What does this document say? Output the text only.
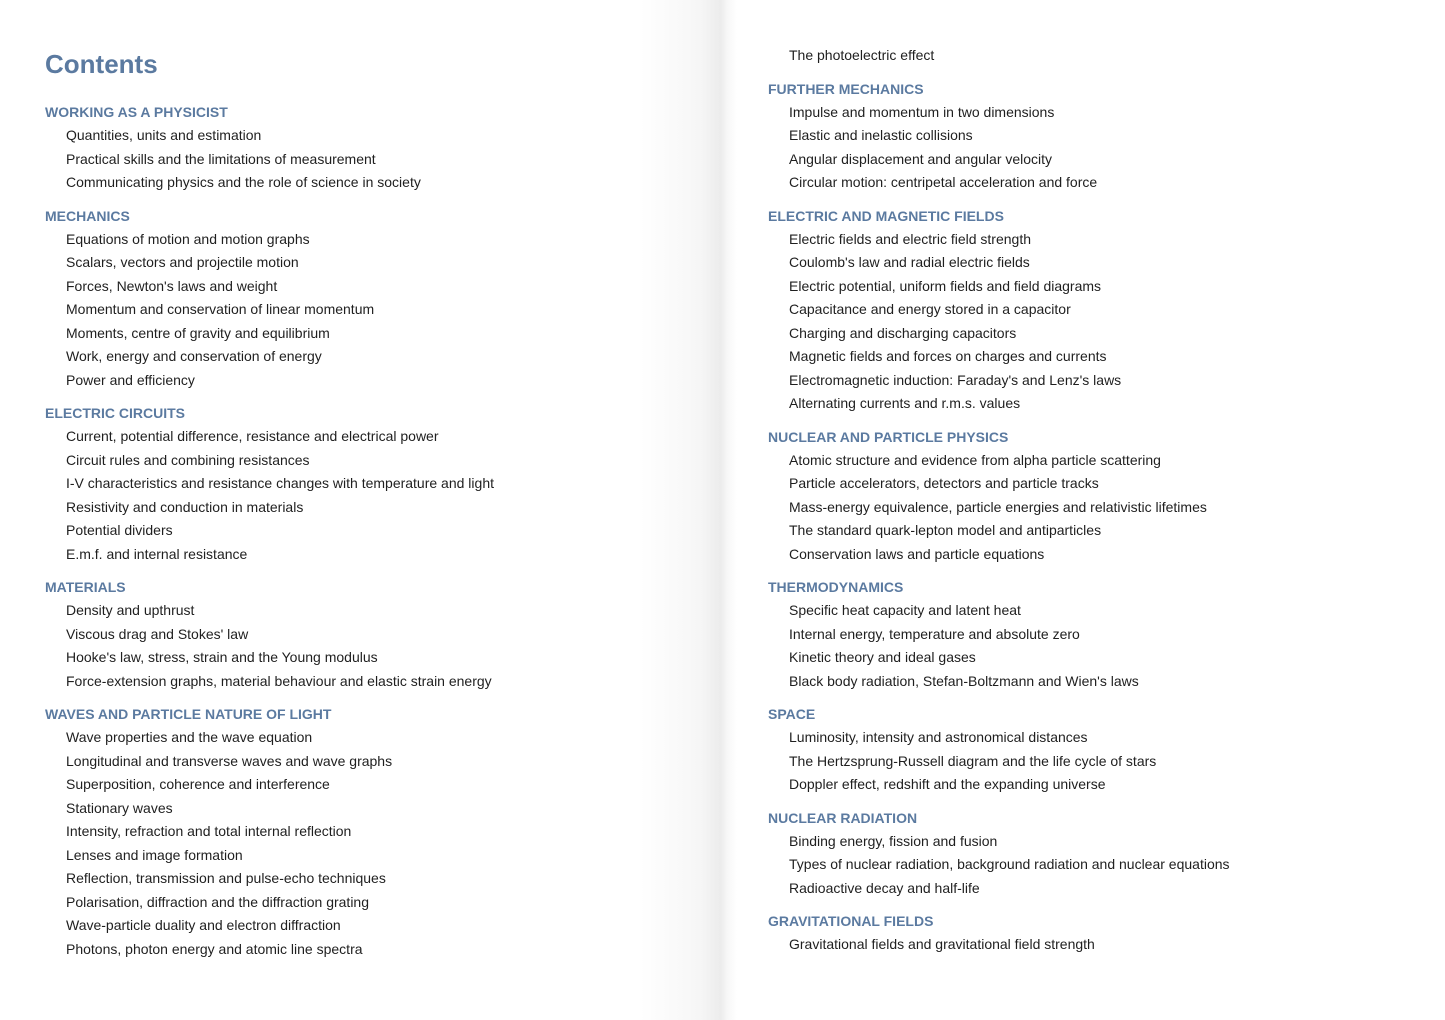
Contents
WORKING AS A PHYSICIST
Quantities, units and estimation
Practical skills and the limitations of measurement
Communicating physics and the role of science in society
MECHANICS
Equations of motion and motion graphs
Scalars, vectors and projectile motion
Forces, Newton's laws and weight
Momentum and conservation of linear momentum
Moments, centre of gravity and equilibrium
Work, energy and conservation of energy
Power and efficiency
ELECTRIC CIRCUITS
Current, potential difference, resistance and electrical power
Circuit rules and combining resistances
I-V characteristics and resistance changes with temperature and light
Resistivity and conduction in materials
Potential dividers
E.m.f. and internal resistance
MATERIALS
Density and upthrust
Viscous drag and Stokes' law
Hooke's law, stress, strain and the Young modulus
Force-extension graphs, material behaviour and elastic strain energy
WAVES AND PARTICLE NATURE OF LIGHT
Wave properties and the wave equation
Longitudinal and transverse waves and wave graphs
Superposition, coherence and interference
Stationary waves
Intensity, refraction and total internal reflection
Lenses and image formation
Reflection, transmission and pulse-echo techniques
Polarisation, diffraction and the diffraction grating
Wave-particle duality and electron diffraction
Photons, photon energy and atomic line spectra
The photoelectric effect
FURTHER MECHANICS
Impulse and momentum in two dimensions
Elastic and inelastic collisions
Angular displacement and angular velocity
Circular motion: centripetal acceleration and force
ELECTRIC AND MAGNETIC FIELDS
Electric fields and electric field strength
Coulomb's law and radial electric fields
Electric potential, uniform fields and field diagrams
Capacitance and energy stored in a capacitor
Charging and discharging capacitors
Magnetic fields and forces on charges and currents
Electromagnetic induction: Faraday's and Lenz's laws
Alternating currents and r.m.s. values
NUCLEAR AND PARTICLE PHYSICS
Atomic structure and evidence from alpha particle scattering
Particle accelerators, detectors and particle tracks
Mass-energy equivalence, particle energies and relativistic lifetimes
The standard quark-lepton model and antiparticles
Conservation laws and particle equations
THERMODYNAMICS
Specific heat capacity and latent heat
Internal energy, temperature and absolute zero
Kinetic theory and ideal gases
Black body radiation, Stefan-Boltzmann and Wien's laws
SPACE
Luminosity, intensity and astronomical distances
The Hertzsprung-Russell diagram and the life cycle of stars
Doppler effect, redshift and the expanding universe
NUCLEAR RADIATION
Binding energy, fission and fusion
Types of nuclear radiation, background radiation and nuclear equations
Radioactive decay and half-life
GRAVITATIONAL FIELDS
Gravitational fields and gravitational field strength
